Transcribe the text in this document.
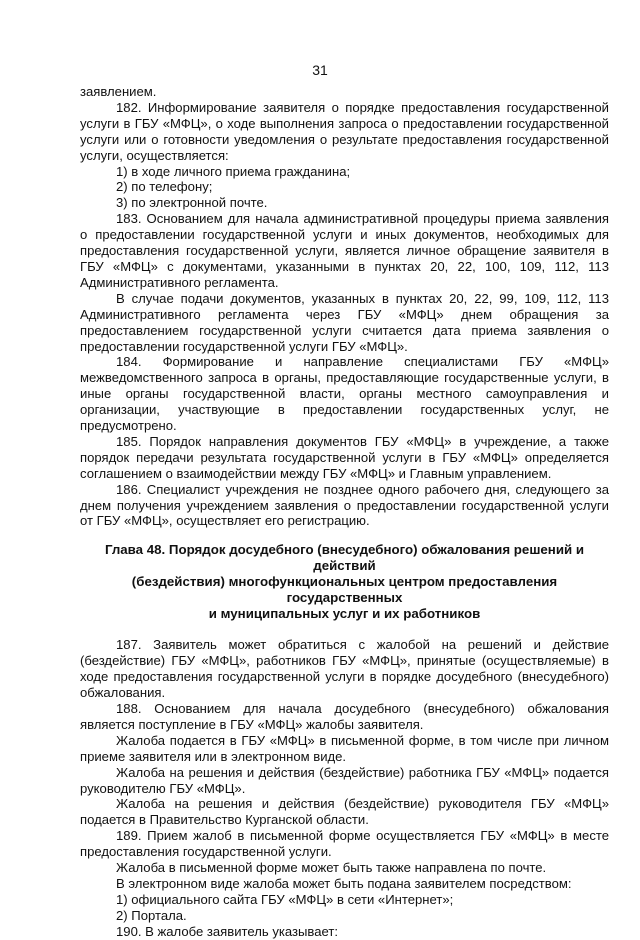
31

заявлением.

182. Информирование заявителя о порядке предоставления государственной услуги в ГБУ «МФЦ», о ходе выполнения запроса о предоставлении государственной услуги или о готовности уведомления о результате предоставления государственной услуги, осуществляется:

1) в ходе личного приема гражданина;

2) по телефону;

3) по электронной почте.

183. Основанием для начала административной процедуры приема заявления о предоставлении государственной услуги и иных документов, необходимых для предоставления государственной услуги, является личное обращение заявителя в ГБУ «МФЦ» с документами, указанными в пунктах 20, 22, 100, 109, 112, 113 Административного регламента.

В случае подачи документов, указанных в пунктах 20, 22, 99, 109, 112, 113 Административного регламента через ГБУ «МФЦ» днем обращения за предоставлением государственной услуги считается дата приема заявления о предоставлении государственной услуги ГБУ «МФЦ».

184. Формирование и направление специалистами ГБУ «МФЦ» межведомственного запроса в органы, предоставляющие государственные услуги, в иные органы государственной власти, органы местного самоуправления и организации, участвующие в предоставлении государственных услуг, не предусмотрено.

185. Порядок направления документов ГБУ «МФЦ» в учреждение, а также порядок передачи результата государственной услуги в ГБУ «МФЦ» определяется соглашением о взаимодействии между ГБУ «МФЦ» и Главным управлением.

186. Специалист учреждения не позднее одного рабочего дня, следующего за днем получения учреждением заявления о предоставлении государственной услуги от ГБУ «МФЦ», осуществляет его регистрацию.

Глава 48. Порядок досудебного (внесудебного) обжалования решений и действий
(бездействия) многофункциональных центром предоставления государственных
и муниципальных услуг и их работников

187. Заявитель может обратиться с жалобой на решений и действие (бездействие) ГБУ «МФЦ», работников ГБУ «МФЦ», принятые (осуществляемые) в ходе предоставления государственной услуги в порядке досудебного (внесудебного) обжалования.

188. Основанием для начала досудебного (внесудебного) обжалования является поступление в ГБУ «МФЦ» жалобы заявителя.

Жалоба подается в ГБУ «МФЦ» в письменной форме, в том числе при личном приеме заявителя или в электронном виде.

Жалоба на решения и действия (бездействие) работника ГБУ «МФЦ» подается руководителю ГБУ «МФЦ».

Жалоба на решения и действия (бездействие) руководителя ГБУ «МФЦ» подается в Правительство Курганской области.

189. Прием жалоб в письменной форме осуществляется ГБУ «МФЦ» в месте предоставления государственной услуги.

Жалоба в письменной форме может быть также направлена по почте.

В электронном виде жалоба может быть подана заявителем посредством:

1) официального сайта ГБУ «МФЦ» в сети «Интернет»;

2) Портала.

190. В жалобе заявитель указывает:
